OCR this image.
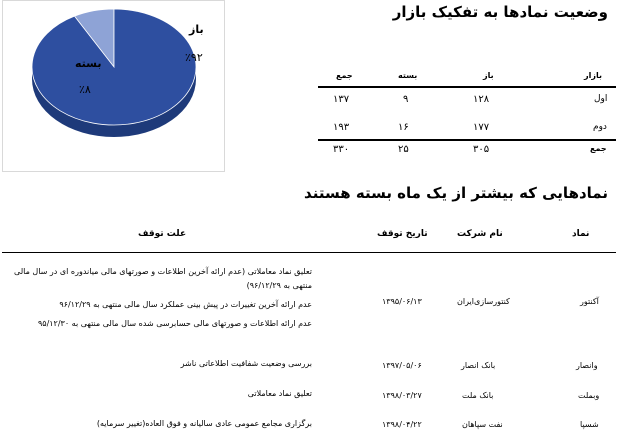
باز
٪۹۲
بسته
٪۸
وضعیت نمادها به تفکیک بازار
بازار
باز
بسته
جمع
اول
۱۲۸
۹
۱۳۷
دوم
۱۷۷
۱۶
۱۹۳
جمع
۳۰۵
۲۵
۳۳۰
نمادهایی که بیشتر از یک ماه بسته هستند
نماد
نام شرکت
تاریخ توقف
علت توقف
آکنتور
کنتورسازی‌ایران
۱۳۹۵/۰۶/۱۳
تعلیق نماد معاملاتی (عدم ارائه آخرین اطلاعات و صورتهای مالی میاندوره ای در سال مالی
منتهی به ۹۶/۱۲/۲۹)
عدم ارائه آخرین تغییرات در پیش بینی عملکرد سال مالی منتهی به ۹۶/۱۲/۲۹
عدم ارائه اطلاعات و صورتهای مالی حسابرسی شده سال مالی منتهی به ۹۵/۱۲/۳۰
وانصار
بانک انصار
۱۳۹۷/۰۵/۰۶
بررسی وضعیت شفافیت اطلاعاتی ناشر
وبملت
بانک ملت
۱۳۹۸/۰۳/۲۷
تعلیق نماد معاملاتی
شسپا
نفت سپاهان
۱۳۹۸/۰۴/۲۲
برگزاری مجامع عمومی عادی سالیانه و فوق العاده(تغییر سرمایه)
